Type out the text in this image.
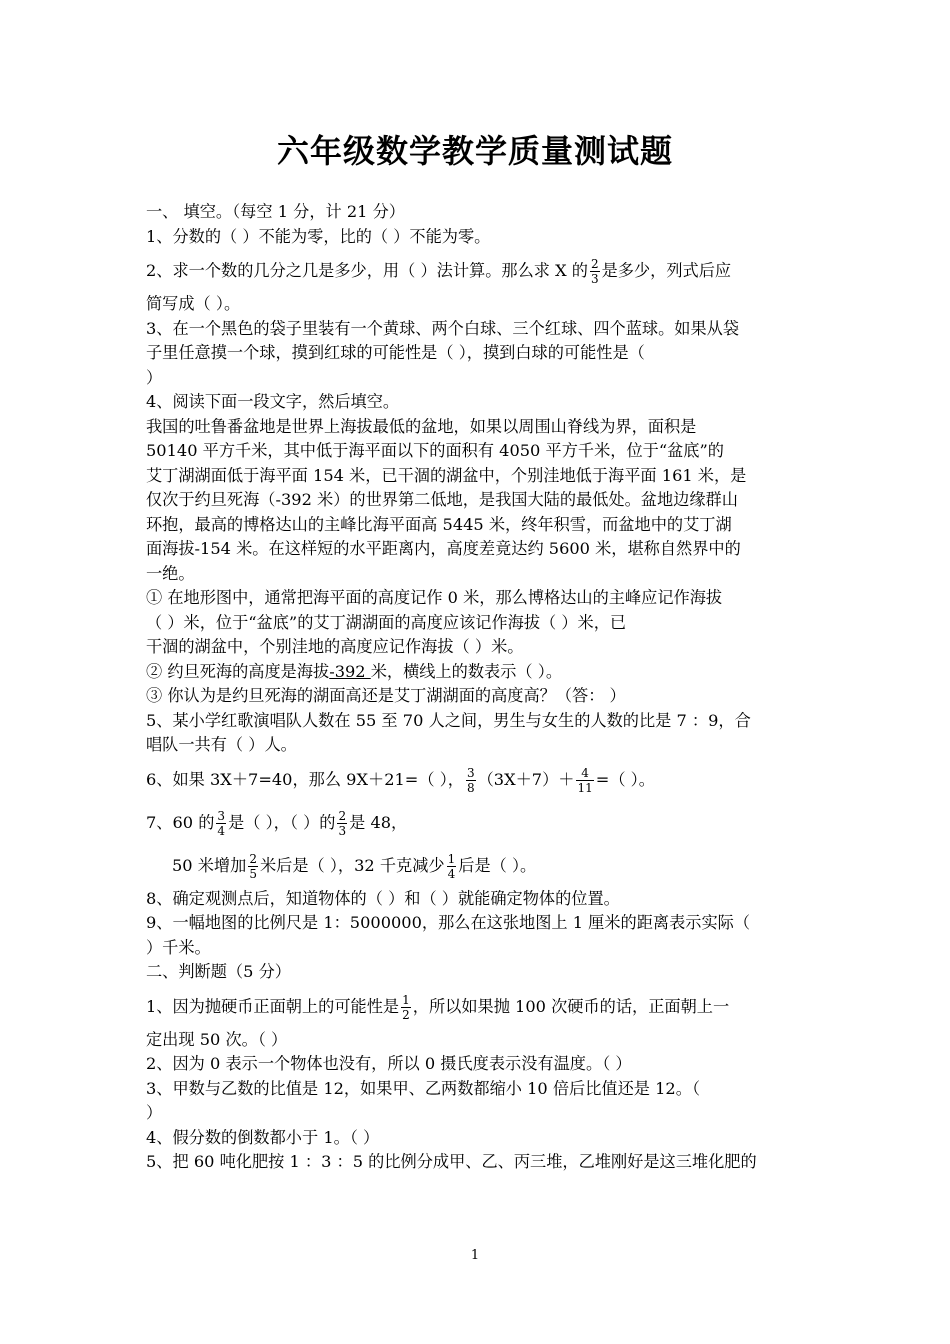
六年级数学教学质量测试题
一、 填空。（每空 1 分，计 21 分）
1、分数的（ ）不能为零，比的（ ）不能为零。
2、求一个数的几分之几是多少，用（ ）法计算。那么求 X 的 $\frac{2}{3}$ 是多少，列式后应
简写成（ ）。
3、在一个黑色的袋子里装有一个黄球、两个白球、三个红球、四个蓝球。如果从袋
子里任意摸一个球，摸到红球的可能性是（ ），摸到白球的可能性是（
）
4、阅读下面一段文字，然后填空。
我国的吐鲁番盆地是世界上海拔最低的盆地，如果以周围山脊线为界，面积是
50140 平方千米，其中低于海平面以下的面积有 4050 平方千米，位于“盆底”的
艾丁湖湖面低于海平面 154 米，已干涸的湖盆中，个别洼地低于海平面 161 米，是
仅次于约旦死海（-392 米）的世界第二低地，是我国大陆的最低处。盆地边缘群山
环抱，最高的博格达山的主峰比海平面高 5445 米，终年积雪，而盆地中的艾丁湖
面海拔-154 米。在这样短的水平距离内，高度差竟达约 5600 米，堪称自然界中的
一绝。
① 在地形图中，通常把海平面的高度记作 0 米，那么博格达山的主峰应记作海拔
（ ）米，位于“盆底”的艾丁湖湖面的高度应该记作海拔（ ）米，已
干涸的湖盆中，个别洼地的高度应记作海拔（ ）米。
② 约旦死海的高度是海拔-392 米，横线上的数表示（ ）。
③ 你认为是约旦死海的湖面高还是艾丁湖湖面的高度高？（答： ）
5、某小学红歌演唱队人数在 55 至 70 人之间，男生与女生的人数的比是 7 ：9，合
唱队一共有（ ）人。
6、如果 3X＋7=40，那么 9X＋21=（ ）， $\frac{3}{8} (3X+7)+ \frac{4}{11}$ =（ ）。
7、60 的 $\frac{3}{4}$ 是（ ），（ ）的 $\frac{2}{3}$ 是 48，
50 米增加 $\frac{2}{5}$ 米后是（ ），32 千克减少 $\frac{1}{4}$ 后是（ ）。
8、确定观测点后，知道物体的（ ）和（ ）就能确定物体的位置。
9、一幅地图的比例尺是 1：5000000，那么在这张地图上 1 厘米的距离表示实际（
）千米。
二、判断题（5 分）
1、因为抛硬币正面朝上的可能性是 $\frac{1}{2}$ ，所以如果抛 100 次硬币的话，正面朝上一
定出现 50 次。（ ）
2、因为 0 表示一个物体也没有，所以 0 摄氏度表示没有温度。（ ）
3、甲数与乙数的比值是 12，如果甲、乙两数都缩小 10 倍后比值还是 12。（
）
4、假分数的倒数都小于 1。（ ）
5、把 60 吨化肥按 1 ：3 ：5 的比例分成甲、乙、丙三堆，乙堆刚好是这三堆化肥的
1
